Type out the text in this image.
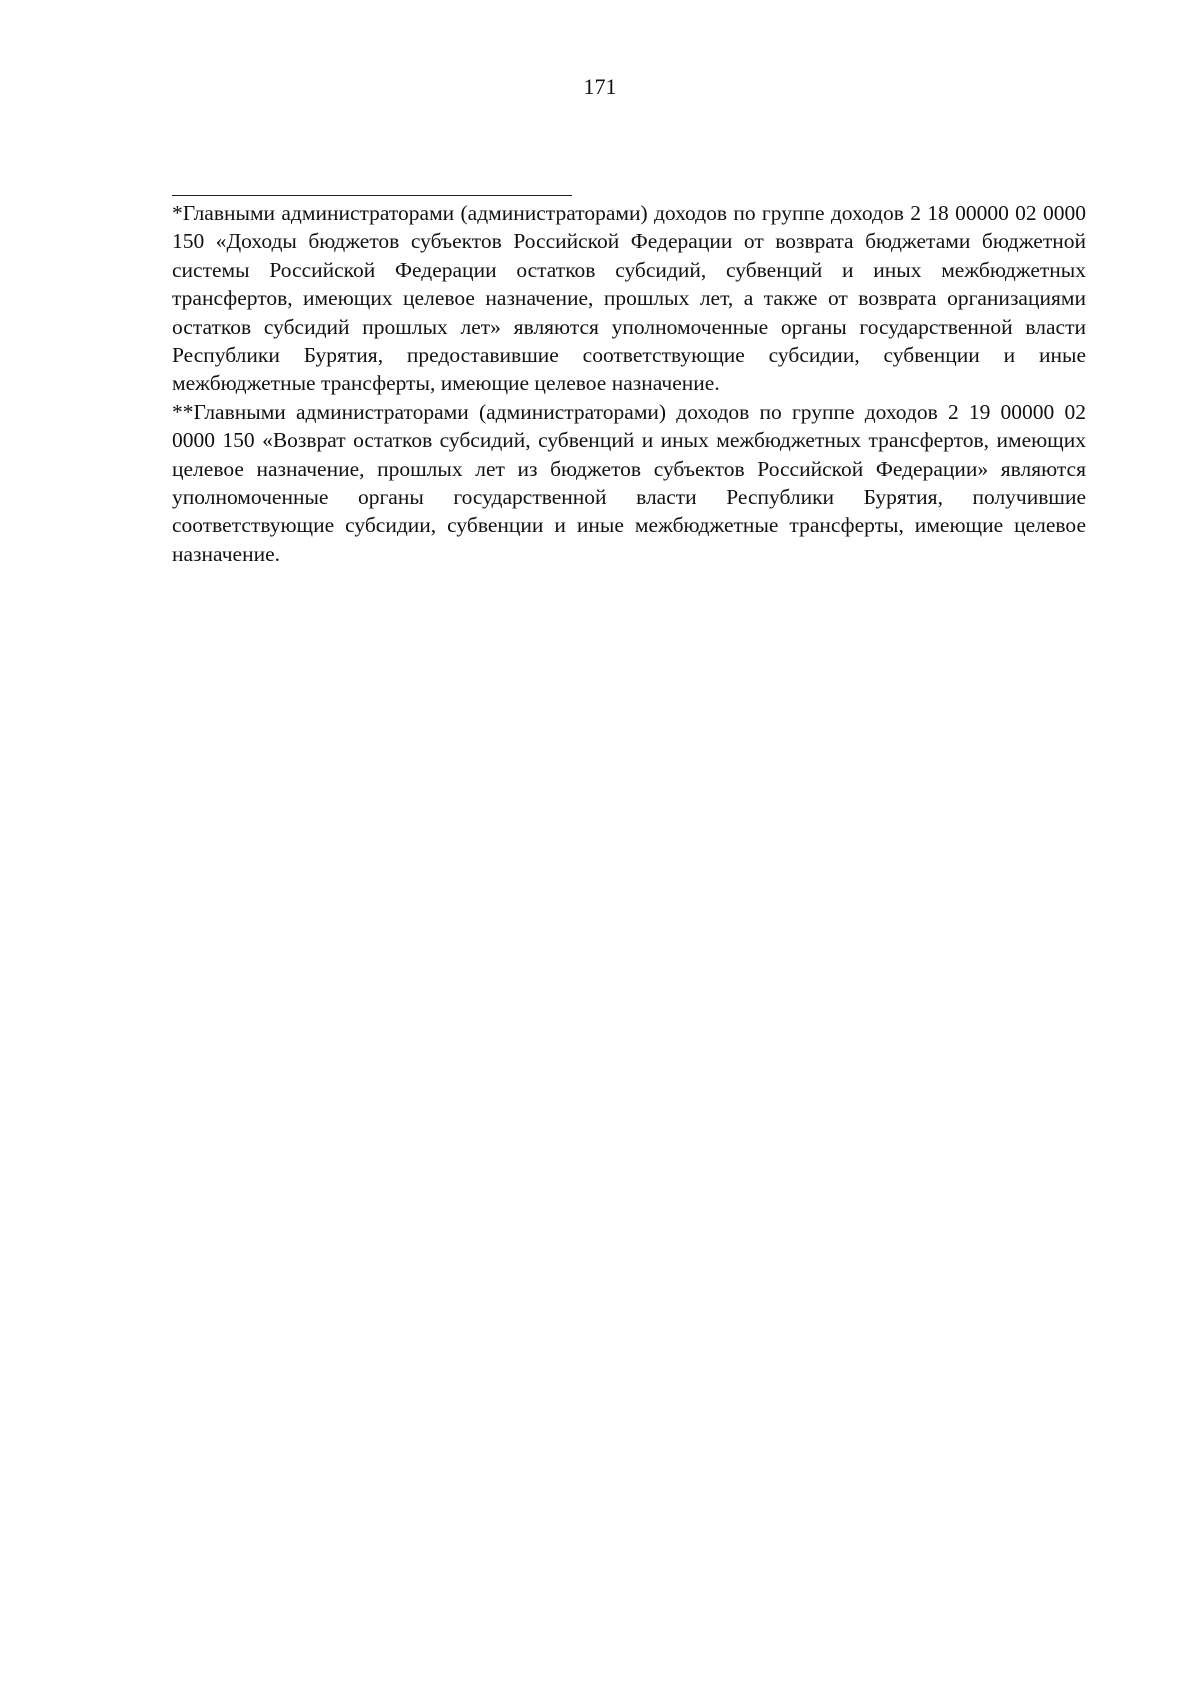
171

*Главными администраторами (администраторами) доходов по группе доходов 2 18 00000 02 0000 150 «Доходы бюджетов субъектов Российской Федерации от возврата бюджетами бюджетной системы Российской Федерации остатков субсидий, субвенций и иных межбюджетных трансфертов, имеющих целевое назначение, прошлых лет, а также от возврата организациями остатков субсидий прошлых лет» являются уполномоченные органы государственной власти Республики Бурятия, предоставившие соответствующие субсидии, субвенции и иные межбюджетные трансферты, имеющие целевое назначение.

**Главными администраторами (администраторами) доходов по группе доходов 2 19 00000 02 0000 150 «Возврат остатков субсидий, субвенций и иных межбюджетных трансфертов, имеющих целевое назначение, прошлых лет из бюджетов субъектов Российской Федерации» являются уполномоченные органы государственной власти Республики Бурятия, получившие соответствующие субсидии, субвенции и иные межбюджетные трансферты, имеющие целевое назначение.
